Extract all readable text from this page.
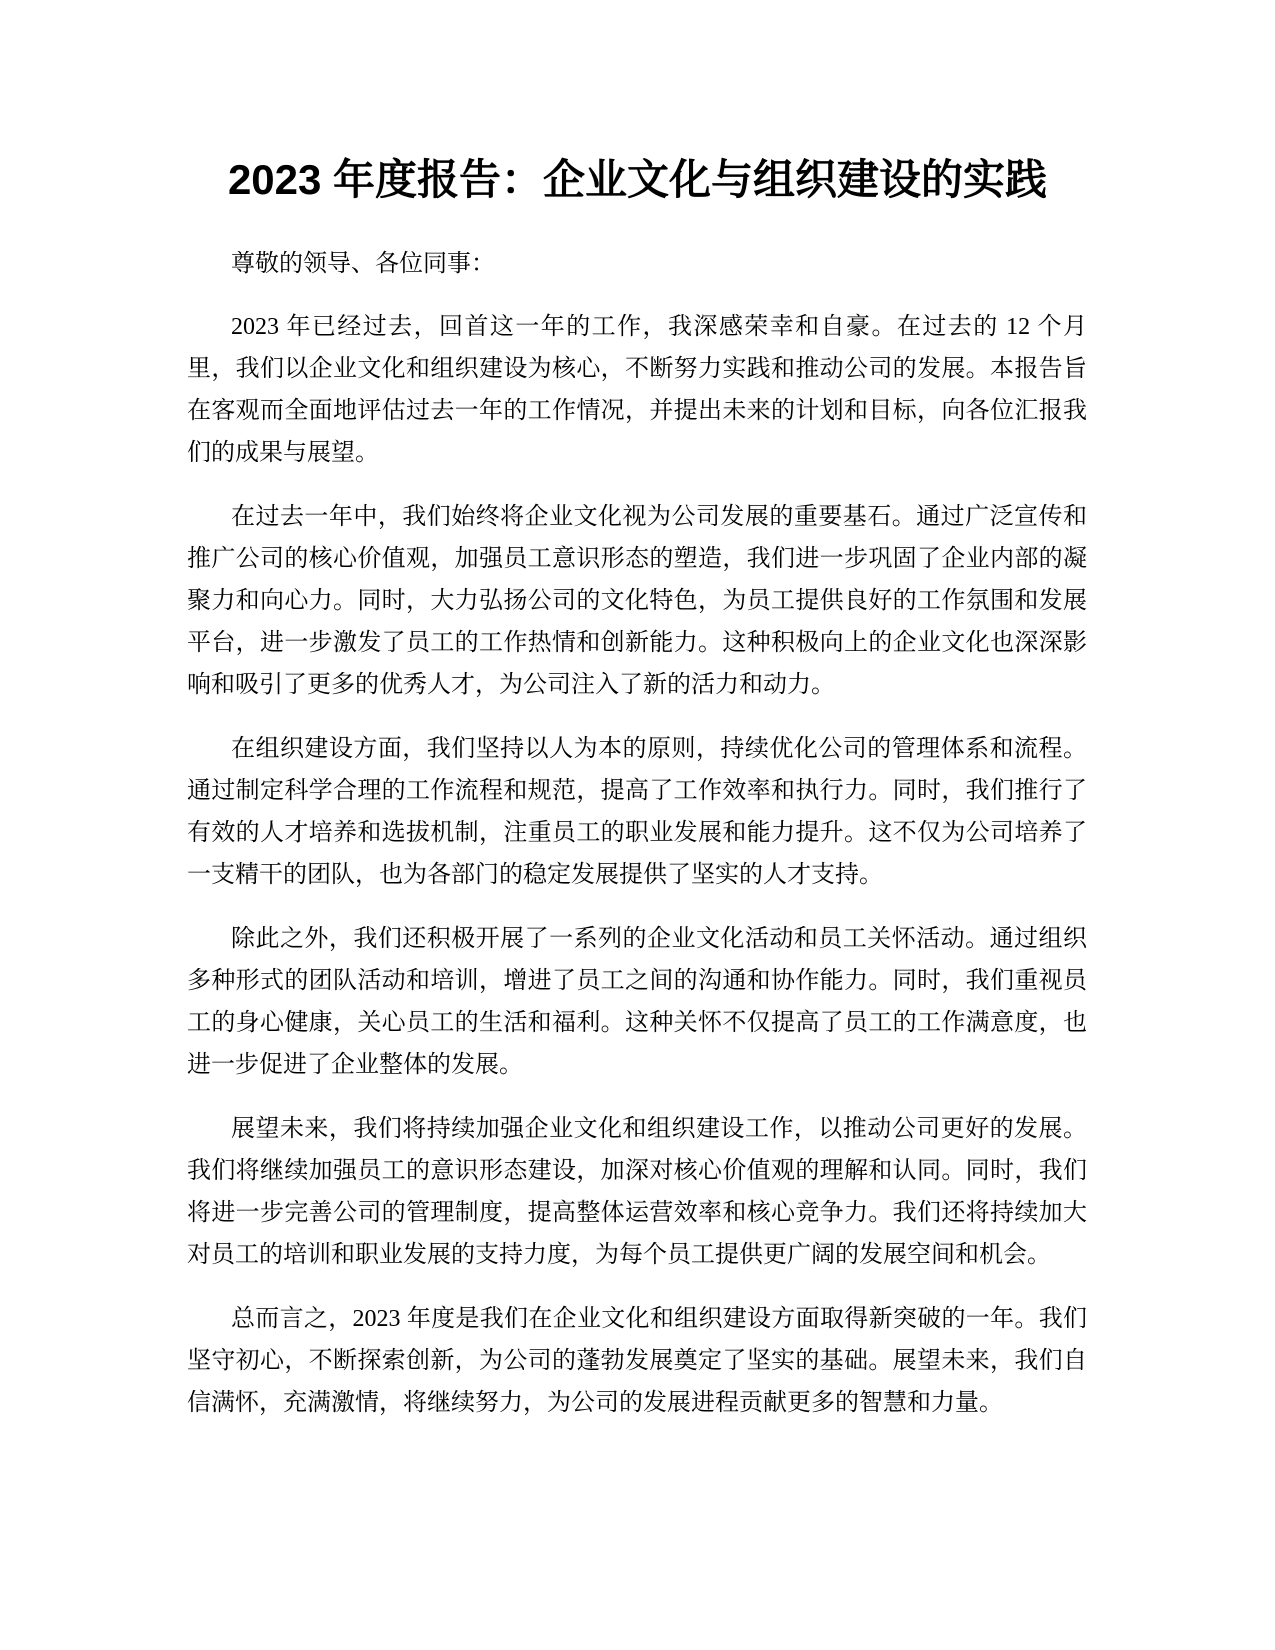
2023 年度报告：企业文化与组织建设的实践

尊敬的领导、各位同事：

2023 年已经过去，回首这一年的工作，我深感荣幸和自豪。在过去的 12 个月里，我们以企业文化和组织建设为核心，不断努力实践和推动公司的发展。本报告旨在客观而全面地评估过去一年的工作情况，并提出未来的计划和目标，向各位汇报我们的成果与展望。

在过去一年中，我们始终将企业文化视为公司发展的重要基石。通过广泛宣传和推广公司的核心价值观，加强员工意识形态的塑造，我们进一步巩固了企业内部的凝聚力和向心力。同时，大力弘扬公司的文化特色，为员工提供良好的工作氛围和发展平台，进一步激发了员工的工作热情和创新能力。这种积极向上的企业文化也深深影响和吸引了更多的优秀人才，为公司注入了新的活力和动力。

在组织建设方面，我们坚持以人为本的原则，持续优化公司的管理体系和流程。通过制定科学合理的工作流程和规范，提高了工作效率和执行力。同时，我们推行了有效的人才培养和选拔机制，注重员工的职业发展和能力提升。这不仅为公司培养了一支精干的团队，也为各部门的稳定发展提供了坚实的人才支持。

除此之外，我们还积极开展了一系列的企业文化活动和员工关怀活动。通过组织多种形式的团队活动和培训，增进了员工之间的沟通和协作能力。同时，我们重视员工的身心健康，关心员工的生活和福利。这种关怀不仅提高了员工的工作满意度，也进一步促进了企业整体的发展。

展望未来，我们将持续加强企业文化和组织建设工作，以推动公司更好的发展。我们将继续加强员工的意识形态建设，加深对核心价值观的理解和认同。同时，我们将进一步完善公司的管理制度，提高整体运营效率和核心竞争力。我们还将持续加大对员工的培训和职业发展的支持力度，为每个员工提供更广阔的发展空间和机会。

总而言之，2023 年度是我们在企业文化和组织建设方面取得新突破的一年。我们坚守初心，不断探索创新，为公司的蓬勃发展奠定了坚实的基础。展望未来，我们自信满怀，充满激情，将继续努力，为公司的发展进程贡献更多的智慧和力量。
